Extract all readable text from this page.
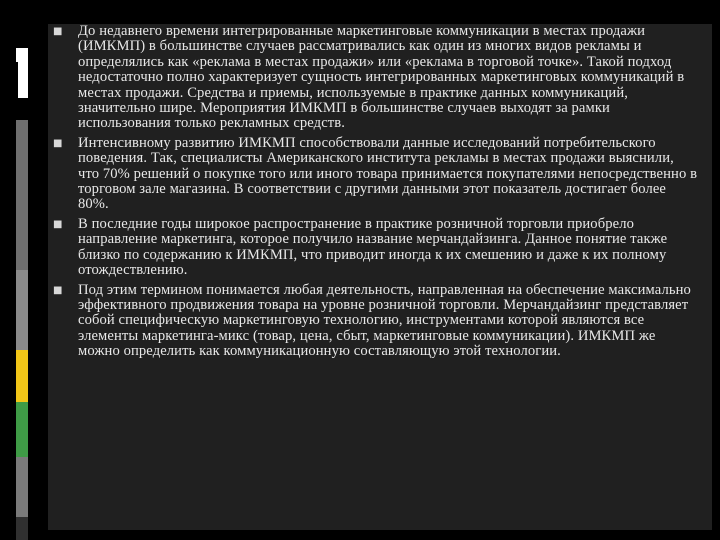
■ До недавнего времени интегрированные маркетинговые коммуникации в местах продажи (ИМКМП) в большинстве случаев рассматривались как один из многих видов рекламы и определялись как «реклама в местах продажи» или «реклама в торговой точке». Такой подход недостаточно полно характеризует сущность интегрированных маркетинговых коммуникаций в местах продажи. Средства и приемы, используемые в практике данных коммуникаций, значительно шире. Мероприятия ИМКМП в большинстве случаев выходят за рамки использования только рекламных средств.
■ Интенсивному развитию ИМКМП способствовали данные исследований потребительского поведения. Так, специалисты Американского института рекламы в местах продажи выяснили, что 70% решений о покупке того или иного товара принимается покупателями непосредственно в торговом зале магазина. В соответствии с другими данными этот показатель достигает более 80%.
■ В последние годы широкое распространение в практике розничной торговли приобрело направление маркетинга, которое получило название мерчандайзинга. Данное понятие также близко по содержанию к ИМКМП, что приводит иногда к их смешению и даже к их полному отождествлению.
■ Под этим термином понимается любая деятельность, направленная на обеспечение максимально эффективного продвижения товара на уровне розничной торговли. Мерчандайзинг представляет собой специфическую маркетинговую технологию, инструментами которой являются все элементы маркетинга-микс (товар, цена, сбыт, маркетинговые коммуникации). ИМКМП же можно определить как коммуникационную составляющую этой технологии.
